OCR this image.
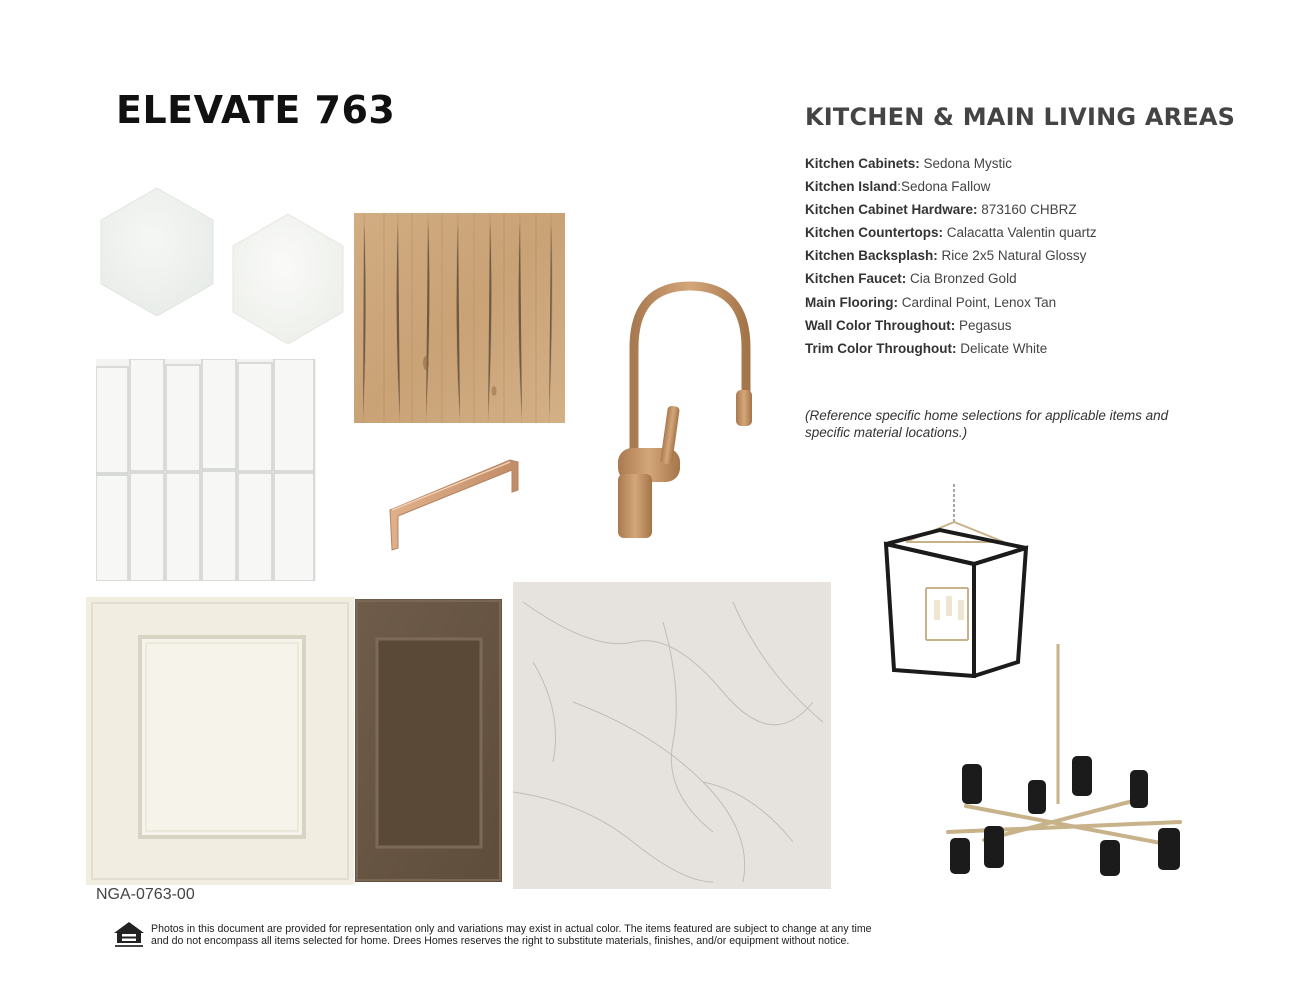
ELEVATE 763	KITCHEN & MAIN LIVING AREAS
Kitchen Cabinets: Sedona Mystic
Kitchen Island:Sedona Fallow
Kitchen Cabinet Hardware: 873160 CHBRZ
Kitchen Countertops: Calacatta Valentin quartz
Kitchen Backsplash: Rice 2x5 Natural Glossy
Kitchen Faucet: Cia Bronzed Gold
Main Flooring: Cardinal Point, Lenox Tan
Wall Color Throughout: Pegasus
Trim Color Throughout: Delicate White

(Reference specific home selections for applicable items and specific material locations.)

NGA-0763-00

Photos in this document are provided for representation only and variations may exist in actual color. The items featured are subject to change at any time and do not encompass all items selected for home. Drees Homes reserves the right to substitute materials, finishes, and/or equipment without notice.
